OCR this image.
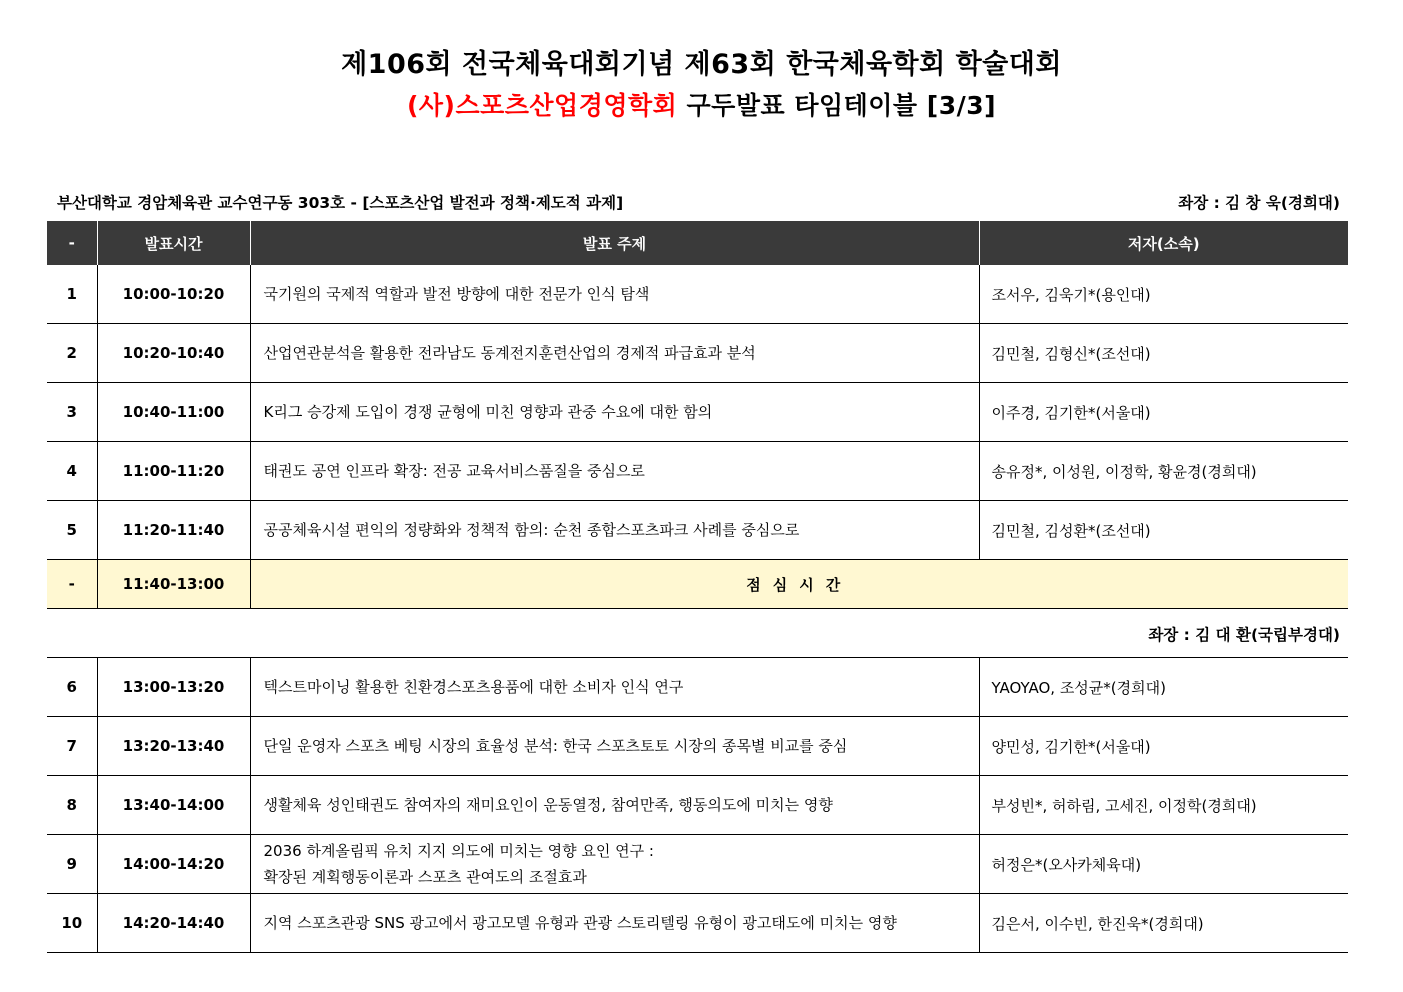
제106회 전국체육대회기념 제63회 한국체육학회 학술대회
(사)스포츠산업경영학회 구두발표 타임테이블 [3/3]
부산대학교 경암체육관 교수연구동 303호 - [스포츠산업 발전과 정책·제도적 과제]	좌장 : 김 창 욱(경희대)
-	발표시간	발표 주제	저자(소속)
1	10:00-10:20	국기원의 국제적 역할과 발전 방향에 대한 전문가 인식 탐색	조서우, 김욱기*(용인대)
2	10:20-10:40	산업연관분석을 활용한 전라남도 동계전지훈련산업의 경제적 파급효과 분석	김민철, 김형신*(조선대)
3	10:40-11:00	K리그 승강제 도입이 경쟁 균형에 미친 영향과 관중 수요에 대한 함의	이주경, 김기한*(서울대)
4	11:00-11:20	태권도 공연 인프라 확장: 전공 교육서비스품질을 중심으로	송유정*, 이성원, 이정학, 황윤경(경희대)
5	11:20-11:40	공공체육시설 편익의 정량화와 정책적 함의: 순천 종합스포츠파크 사례를 중심으로	김민철, 김성환*(조선대)
-	11:40-13:00	점심시간	
좌장 : 김 대 환(국립부경대)
6	13:00-13:20	텍스트마이닝 활용한 친환경스포츠용품에 대한 소비자 인식 연구	YAOYAO, 조성균*(경희대)
7	13:20-13:40	단일 운영자 스포츠 베팅 시장의 효율성 분석: 한국 스포츠토토 시장의 종목별 비교를 중심	양민성, 김기한*(서울대)
8	13:40-14:00	생활체육 성인태권도 참여자의 재미요인이 운동열정, 참여만족, 행동의도에 미치는 영향	부성빈*, 허하림, 고세진, 이정학(경희대)
9	14:00-14:20	2036 하계올림픽 유치 지지 의도에 미치는 영향 요인 연구 :
확장된 계획행동이론과 스포츠 관여도의 조절효과	허정은*(오사카체육대)
10	14:20-14:40	지역 스포츠관광 SNS 광고에서 광고모델 유형과 관광 스토리텔링 유형이 광고태도에 미치는 영향	김은서, 이수빈, 한진욱*(경희대)
